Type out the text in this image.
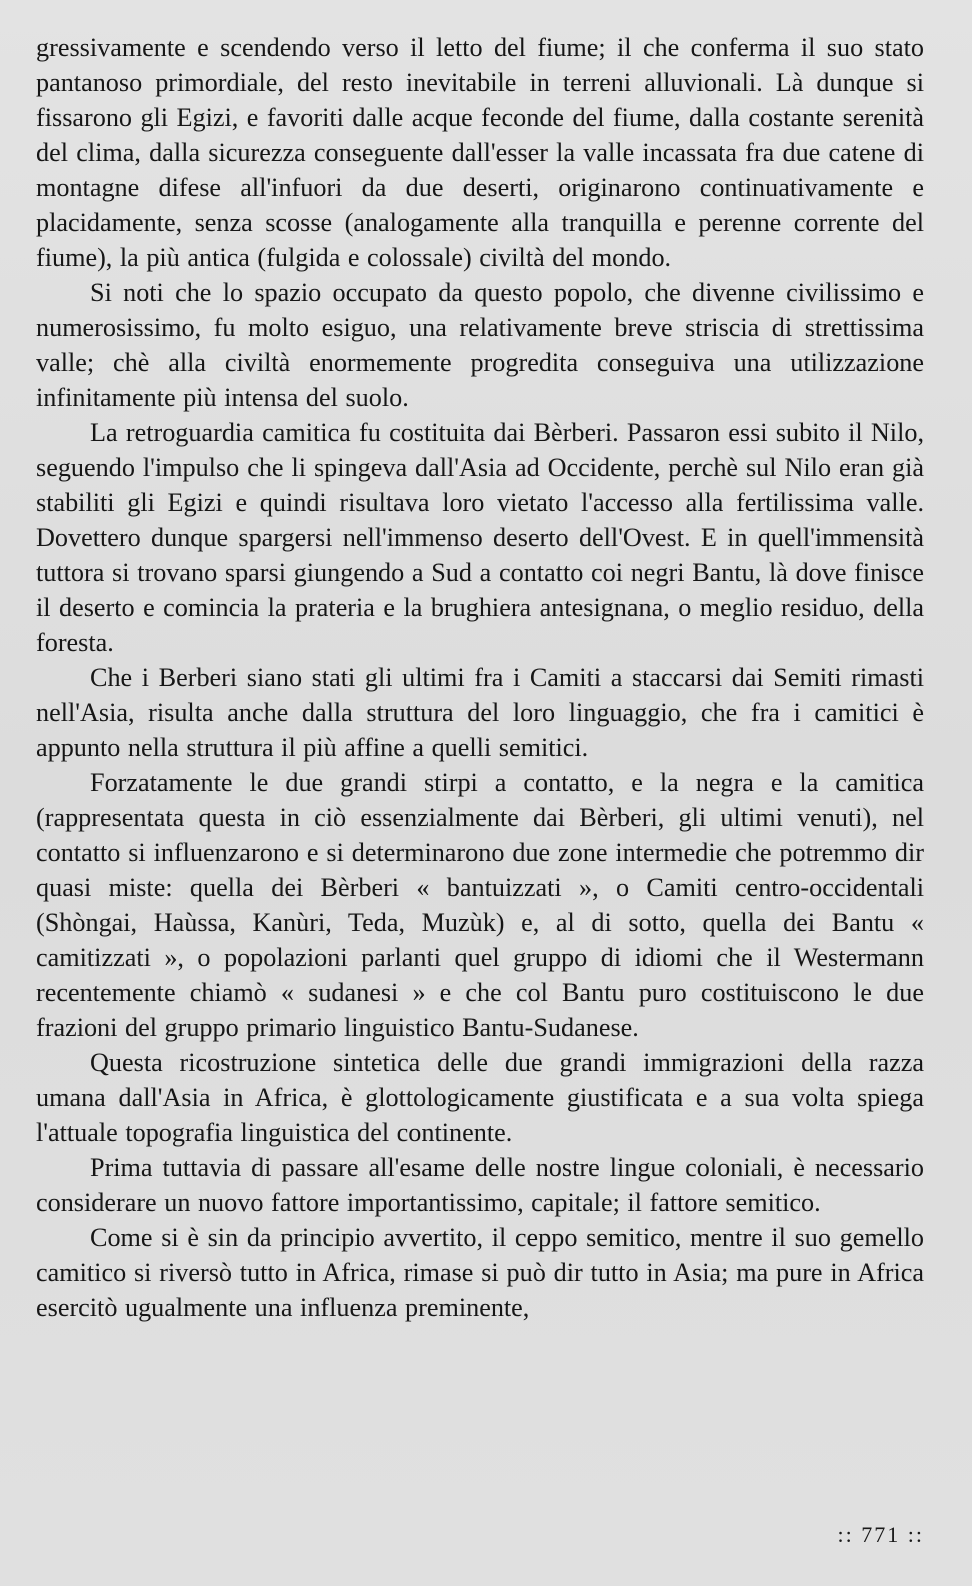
gressivamente e scendendo verso il letto del fiume; il che conferma il suo stato pantanoso primordiale, del resto inevitabile in terreni alluvionali. Là dunque si fissarono gli Egizi, e favoriti dalle acque feconde del fiume, dalla costante serenità del clima, dalla sicurezza conseguente dall'esser la valle incassata fra due catene di montagne difese all'infuori da due deserti, originarono continuativamente e placidamente, senza scosse (analogamente alla tranquilla e perenne corrente del fiume), la più antica (fulgida e colossale) civiltà del mondo.

Si noti che lo spazio occupato da questo popolo, che divenne civilissimo e numerosissimo, fu molto esiguo, una relativamente breve striscia di strettissima valle; chè alla civiltà enormemente progredita conseguiva una utilizzazione infinitamente più intensa del suolo.

La retroguardia camitica fu costituita dai Bèrberi. Passaron essi subito il Nilo, seguendo l'impulso che li spingeva dall'Asia ad Occidente, perchè sul Nilo eran già stabiliti gli Egizi e quindi risultava loro vietato l'accesso alla fertilissima valle. Dovettero dunque spargersi nell'immenso deserto dell'Ovest. E in quell'immensità tuttora si trovano sparsi giungendo a Sud a contatto coi negri Bantu, là dove finisce il deserto e comincia la prateria e la brughiera antesignana, o meglio residuo, della foresta.

Che i Berberi siano stati gli ultimi fra i Camiti a staccarsi dai Semiti rimasti nell'Asia, risulta anche dalla struttura del loro linguaggio, che fra i camitici è appunto nella struttura il più affine a quelli semitici.

Forzatamente le due grandi stirpi a contatto, e la negra e la camitica (rappresentata questa in ciò essenzialmente dai Bèrberi, gli ultimi venuti), nel contatto si influenzarono e si determinarono due zone intermedie che potremmo dir quasi miste: quella dei Bèrberi « bantuizzati », o Camiti centro-occidentali (Shòngai, Haùssa, Kanùri, Teda, Muzùk) e, al di sotto, quella dei Bantu « camitizzati », o popolazioni parlanti quel gruppo di idiomi che il Westermann recentemente chiamò « sudanesi » e che col Bantu puro costituiscono le due frazioni del gruppo primario linguistico Bantu-Sudanese.

Questa ricostruzione sintetica delle due grandi immigrazioni della razza umana dall'Asia in Africa, è glottologicamente giustificata e a sua volta spiega l'attuale topografia linguistica del continente.

Prima tuttavia di passare all'esame delle nostre lingue coloniali, è necessario considerare un nuovo fattore importantissimo, capitale; il fattore semitico.

Come si è sin da principio avvertito, il ceppo semitico, mentre il suo gemello camitico si riversò tutto in Africa, rimase si può dir tutto in Asia; ma pure in Africa esercitò ugualmente una influenza preminente,

:: 771 ::
